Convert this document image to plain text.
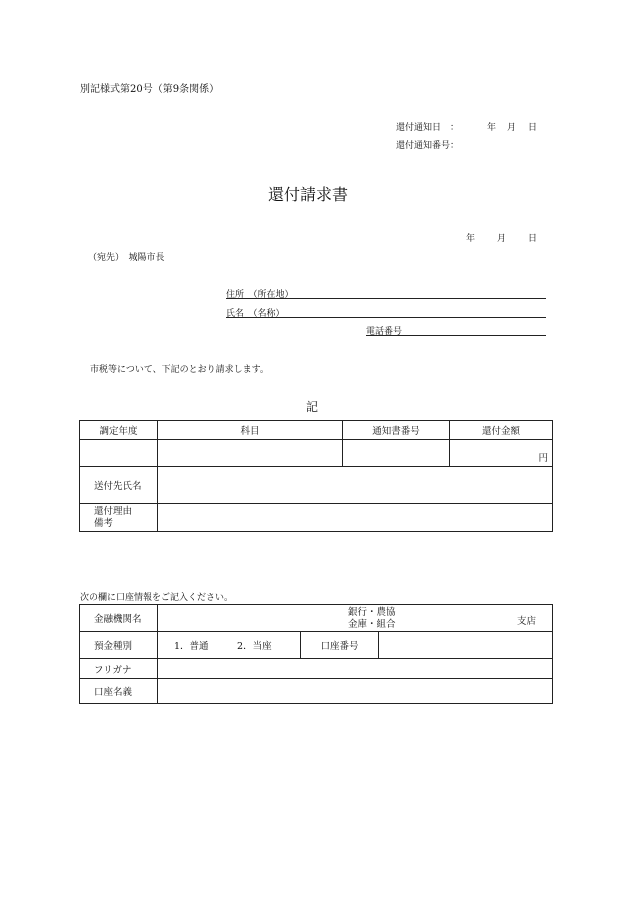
別記様式第20号（第9条関係）
還付通知日　：	年 月 日
還付通知番号：
還付請求書
年 月 日
（宛先）　城陽市長
住所　（所在地）
氏名　（名称）
電話番号
市税等について、下記のとおり請求します。
記
調定年度	科目	通知書番号	還付金額
			円
送付先氏名			

還付理由
備考			

次の欄に口座情報をご記入ください。
金融機関名	銀行・農協
金庫・組合 支店		

預金種別	1．普通　　　2．当座	口座番号	
フリガナ			
口座名義			
